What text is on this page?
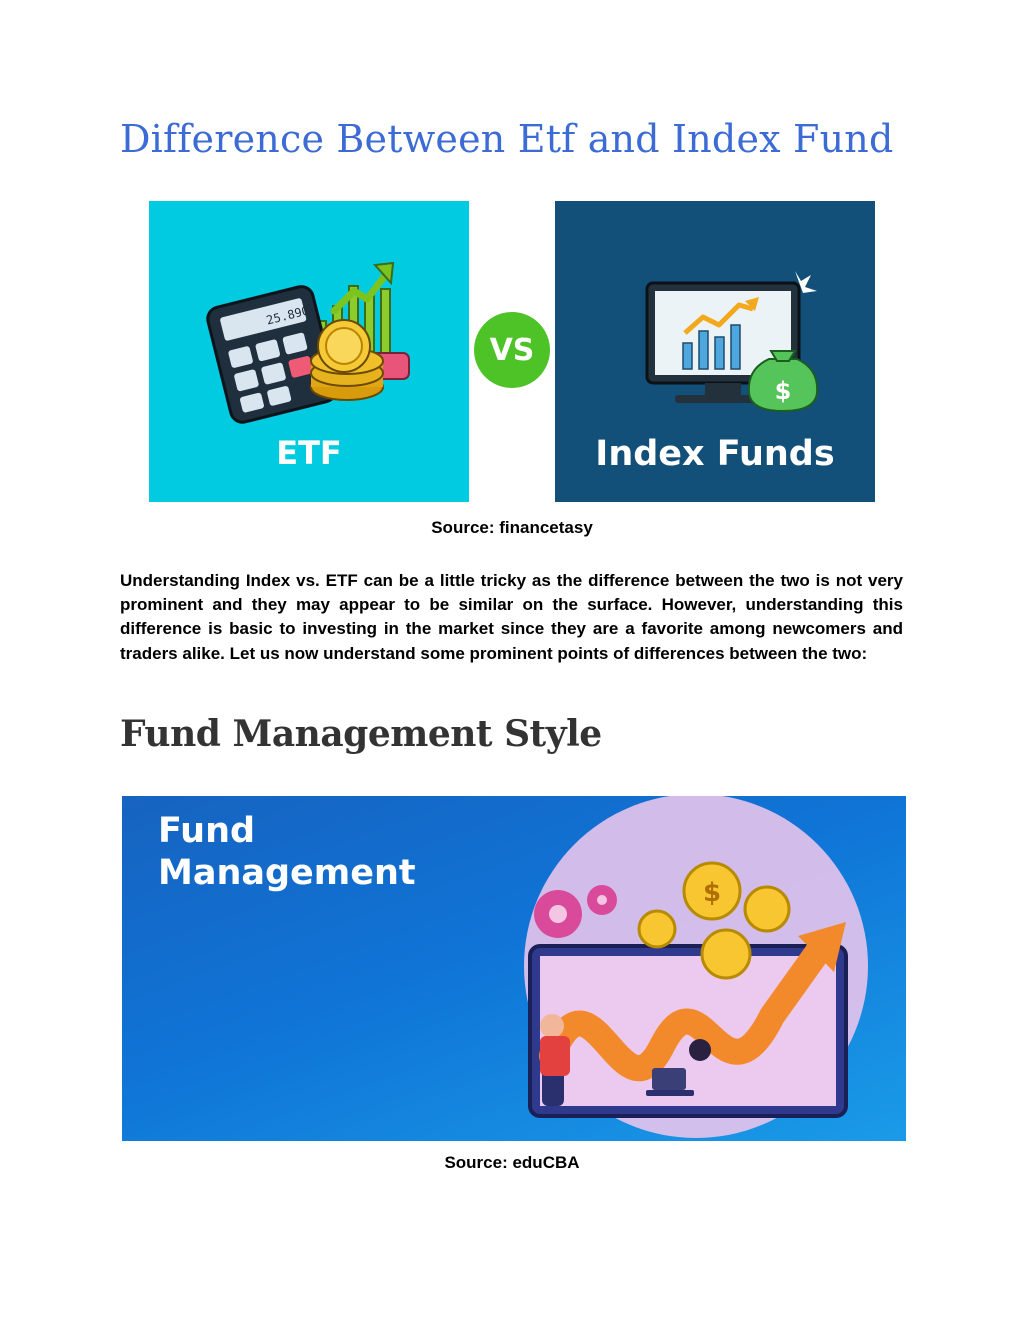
Difference Between Etf and Index Fund
25.890
ETF
VS
$
Index Funds

Source: financetasy

Understanding Index vs. ETF can be a little tricky as the difference between the two is not very prominent and they may appear to be similar on the surface. However, understanding this difference is basic to investing in the market since they are a favorite among newcomers and traders alike. Let us now understand some prominent points of differences between the two:

Fund Management Style
Fund
Management	$

Source: eduCBA
